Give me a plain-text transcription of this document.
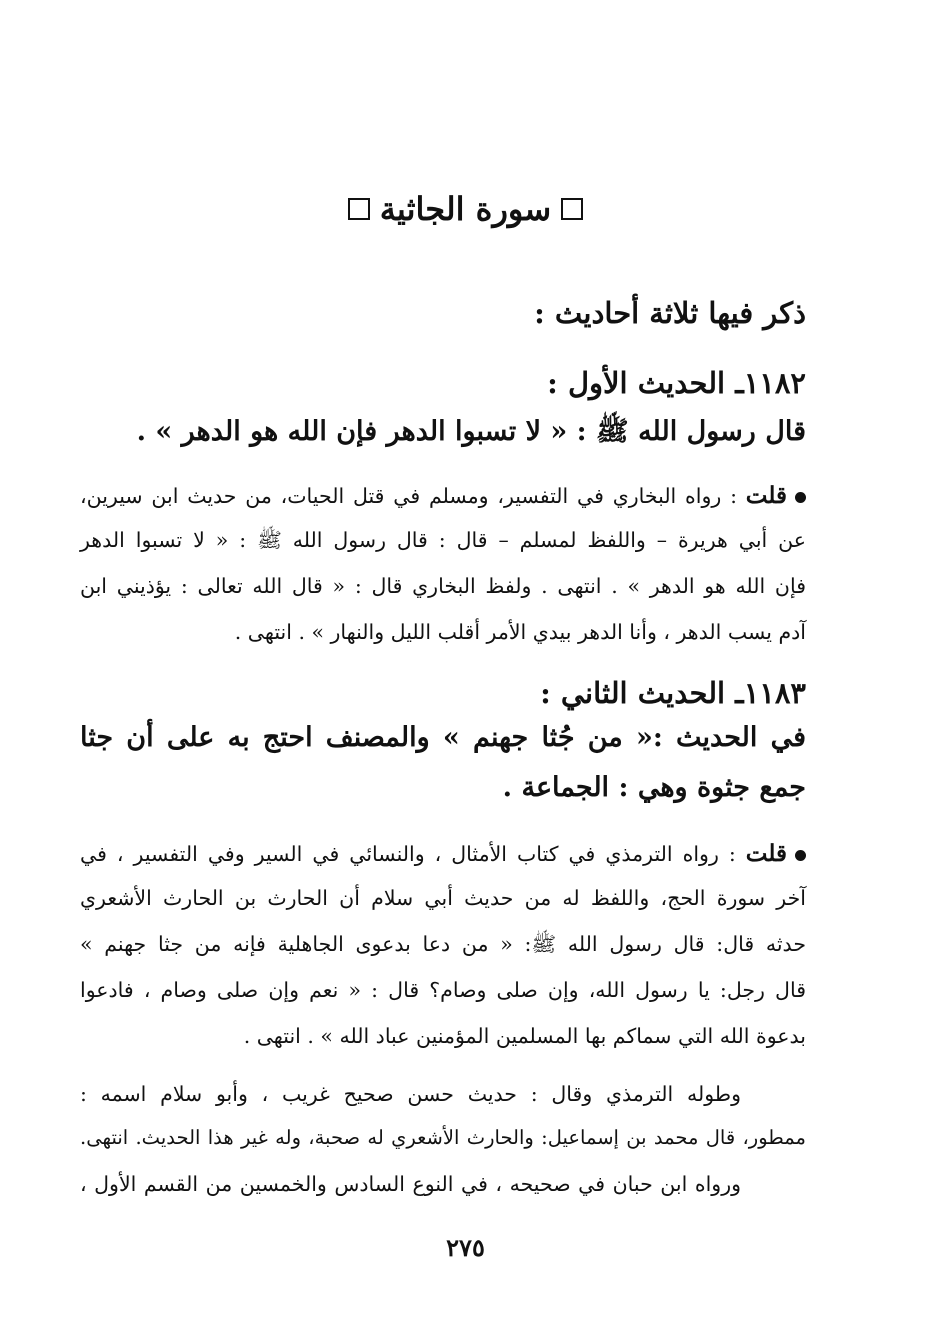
سورة الجاثية
ذكر فيها ثلاثة أحاديث :
١١٨٢ـ الحديث الأول :
قال رسول الله ﷺ : « لا تسبوا الدهر فإن الله هو الدهر » .
قلت : رواه البخاري في التفسير، ومسلم في قتل الحيات، من حديث ابن سيرين،
عن أبي هريرة – واللفظ لمسلم – قال : قال رسول الله ﷺ : « لا تسبوا الدهر
فإن الله هو الدهر » . انتهى . ولفظ البخاري قال : « قال الله تعالى : يؤذيني ابن
آدم يسب الدهر ، وأنا الدهر بيدي الأمر أقلب الليل والنهار » . انتهى .
١١٨٣ـ الحديث الثاني :
في الحديث :« من جُثا جهنم » والمصنف احتج به على أن جثا
جمع جثوة وهي : الجماعة .
قلت : رواه الترمذي في كتاب الأمثال ، والنسائي في السير وفي التفسير ، في
آخر سورة الحج، واللفظ له من حديث أبي سلام أن الحارث بن الحارث الأشعري
حدثه قال: قال رسول الله ﷺ: « من دعا بدعوى الجاهلية فإنه من جثا جهنم »
قال رجل: يا رسول الله، وإن صلى وصام؟ قال : « نعم وإن صلى وصام ، فادعوا
بدعوة الله التي سماكم بها المسلمين المؤمنين عباد الله » . انتهى .
وطوله الترمذي وقال : حديث حسن صحيح غريب ، وأبو سلام اسمه :
ممطور، قال محمد بن إسماعيل: والحارث الأشعري له صحبة، وله غير هذا الحديث. انتهى.
ورواه ابن حبان في صحيحه ، في النوع السادس والخمسين من القسم الأول ،
٢٧٥
